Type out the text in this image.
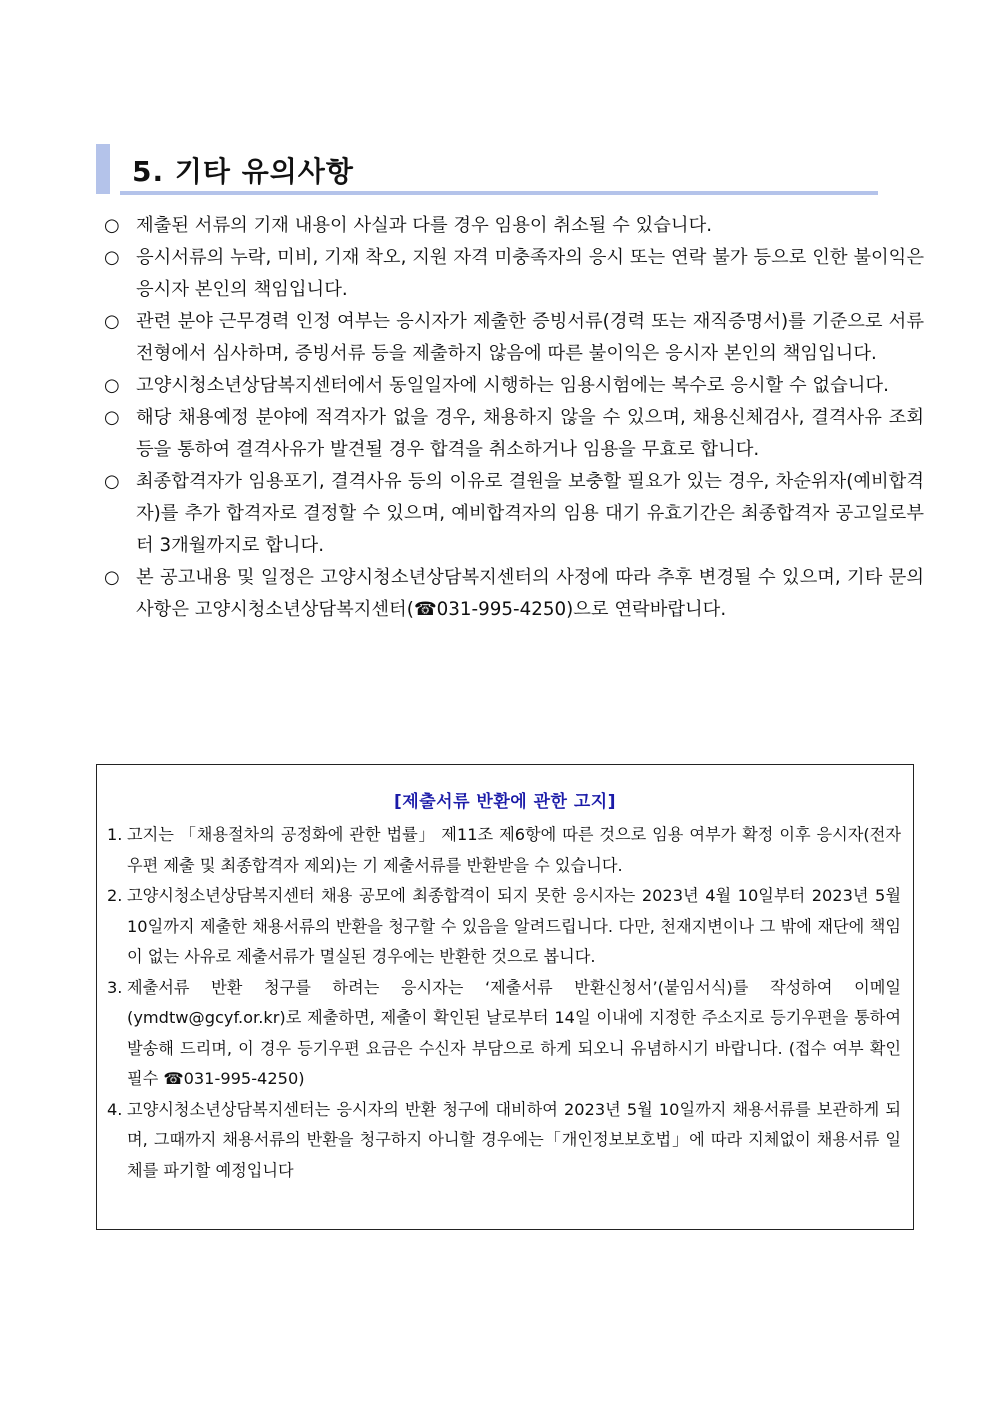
5. 기타 유의사항
○ 제출된 서류의 기재 내용이 사실과 다를 경우 임용이 취소될 수 있습니다.
○ 응시서류의 누락, 미비, 기재 착오, 지원 자격 미충족자의 응시 또는 연락 불가 등으로 인한 불이익은 응시자 본인의 책임입니다.
○ 관련 분야 근무경력 인정 여부는 응시자가 제출한 증빙서류(경력 또는 재직증명서)를 기준으로 서류전형에서 심사하며, 증빙서류 등을 제출하지 않음에 따른 불이익은 응시자 본인의 책임입니다.
○ 고양시청소년상담복지센터에서 동일일자에 시행하는 임용시험에는 복수로 응시할 수 없습니다.
○ 해당 채용예정 분야에 적격자가 없을 경우, 채용하지 않을 수 있으며, 채용신체검사, 결격사유 조회 등을 통하여 결격사유가 발견될 경우 합격을 취소하거나 임용을 무효로 합니다.
○ 최종합격자가 임용포기, 결격사유 등의 이유로 결원을 보충할 필요가 있는 경우, 차순위자(예비합격자)를 추가 합격자로 결정할 수 있으며, 예비합격자의 임용 대기 유효기간은 최종합격자 공고일로부터 3개월까지로 합니다.
○ 본 공고내용 및 일정은 고양시청소년상담복지센터의 사정에 따라 추후 변경될 수 있으며, 기타 문의사항은 고양시청소년상담복지센터(☎031-995-4250)으로 연락바랍니다.
[제출서류 반환에 관한 고지]
1. 고지는 「채용절차의 공정화에 관한 법률」 제11조 제6항에 따른 것으로 임용 여부가 확정 이후 응시자(전자우편 제출 및 최종합격자 제외)는 기 제출서류를 반환받을 수 있습니다.
2. 고양시청소년상담복지센터 채용 공모에 최종합격이 되지 못한 응시자는 2023년 4월 10일부터 2023년 5월 10일까지 제출한 채용서류의 반환을 청구할 수 있음을 알려드립니다. 다만, 천재지변이나 그 밖에 재단에 책임이 없는 사유로 제출서류가 멸실된 경우에는 반환한 것으로 봅니다.
3. 제출서류 반환 청구를 하려는 응시자는 ‘제출서류 반환신청서’(붙임서식)를 작성하여 이메일(ymdtw@gcyf.or.kr)로 제출하면, 제출이 확인된 날로부터 14일 이내에 지정한 주소지로 등기우편을 통하여 발송해 드리며, 이 경우 등기우편 요금은 수신자 부담으로 하게 되오니 유념하시기 바랍니다. (접수 여부 확인 필수 ☎031-995-4250)
4. 고양시청소년상담복지센터는 응시자의 반환 청구에 대비하여 2023년 5월 10일까지 채용서류를 보관하게 되며, 그때까지 채용서류의 반환을 청구하지 아니할 경우에는「개인정보보호법」에 따라 지체없이 채용서류 일체를 파기할 예정입니다
